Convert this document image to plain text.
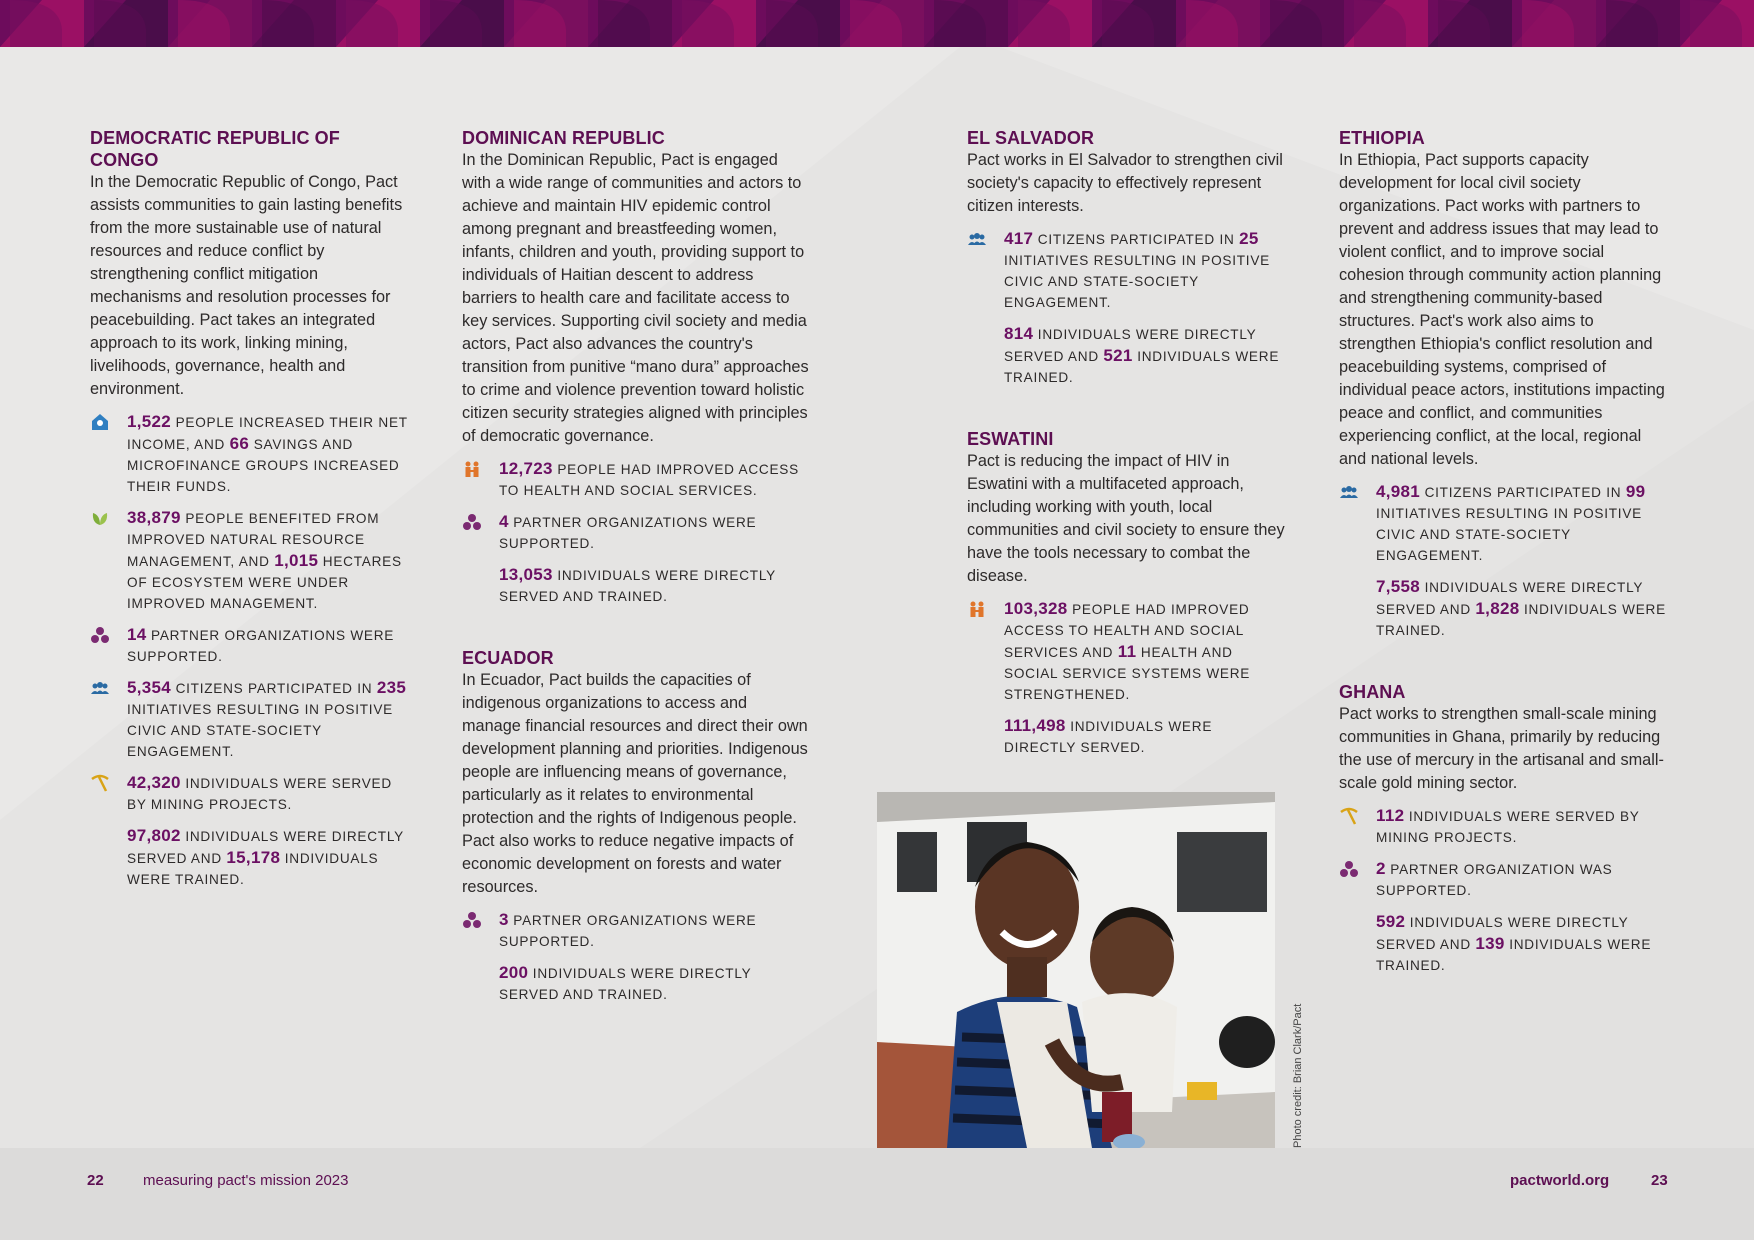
DEMOCRATIC REPUBLIC OF CONGO

In the Democratic Republic of Congo, Pact assists communities to gain lasting benefits from the more sustainable use of natural resources and reduce conflict by strengthening conflict mitigation mechanisms and resolution processes for peacebuilding. Pact takes an integrated approach to its work, linking mining, livelihoods, governance, health and environment.

1,522 PEOPLE INCREASED THEIR NET INCOME, AND 66 SAVINGS AND MICROFINANCE GROUPS INCREASED THEIR FUNDS.
38,879 PEOPLE BENEFITED FROM IMPROVED NATURAL RESOURCE MANAGEMENT, AND 1,015 HECTARES OF ECOSYSTEM WERE UNDER IMPROVED MANAGEMENT.
14 PARTNER ORGANIZATIONS WERE SUPPORTED.
5,354 CITIZENS PARTICIPATED IN 235 INITIATIVES RESULTING IN POSITIVE CIVIC AND STATE-SOCIETY ENGAGEMENT.
42,320 INDIVIDUALS WERE SERVED BY MINING PROJECTS.
97,802 INDIVIDUALS WERE DIRECTLY SERVED AND 15,178 INDIVIDUALS WERE TRAINED.
DOMINICAN REPUBLIC

In the Dominican Republic, Pact is engaged with a wide range of communities and actors to achieve and maintain HIV epidemic control among pregnant and breastfeeding women, infants, children and youth, providing support to individuals of Haitian descent to address barriers to health care and facilitate access to key services. Supporting civil society and media actors, Pact also advances the country's transition from punitive “mano dura” approaches to crime and violence prevention toward holistic citizen security strategies aligned with principles of democratic governance.

12,723 PEOPLE HAD IMPROVED ACCESS TO HEALTH AND SOCIAL SERVICES.
4 PARTNER ORGANIZATIONS WERE SUPPORTED.
13,053 INDIVIDUALS WERE DIRECTLY SERVED AND TRAINED.
ECUADOR

In Ecuador, Pact builds the capacities of indigenous organizations to access and manage financial resources and direct their own development planning and priorities. Indigenous people are influencing means of governance, particularly as it relates to environmental protection and the rights of Indigenous people. Pact also works to reduce negative impacts of economic development on forests and water resources.

3 PARTNER ORGANIZATIONS WERE SUPPORTED.
200 INDIVIDUALS WERE DIRECTLY SERVED AND TRAINED.
EL SALVADOR

Pact works in El Salvador to strengthen civil society's capacity to effectively represent citizen interests.

417 CITIZENS PARTICIPATED IN 25 INITIATIVES RESULTING IN POSITIVE CIVIC AND STATE-SOCIETY ENGAGEMENT.
814 INDIVIDUALS WERE DIRECTLY SERVED AND 521 INDIVIDUALS WERE TRAINED.
ESWATINI

Pact is reducing the impact of HIV in Eswatini with a multifaceted approach, including working with youth, local communities and civil society to ensure they have the tools necessary to combat the disease.

103,328 PEOPLE HAD IMPROVED ACCESS TO HEALTH AND SOCIAL SERVICES AND 11 HEALTH AND SOCIAL SERVICE SYSTEMS WERE STRENGTHENED.
111,498 INDIVIDUALS WERE DIRECTLY SERVED.
ETHIOPIA

In Ethiopia, Pact supports capacity development for local civil society organizations. Pact works with partners to prevent and address issues that may lead to violent conflict, and to improve social cohesion through community action planning and strengthening community-based structures. Pact's work also aims to strengthen Ethiopia's conflict resolution and peacebuilding systems, comprised of individual peace actors, institutions impacting peace and conflict, and communities experiencing conflict, at the local, regional and national levels.

4,981 CITIZENS PARTICIPATED IN 99 INITIATIVES RESULTING IN POSITIVE CIVIC AND STATE-SOCIETY ENGAGEMENT.
7,558 INDIVIDUALS WERE DIRECTLY SERVED AND 1,828 INDIVIDUALS WERE TRAINED.
GHANA

Pact works to strengthen small-scale mining communities in Ghana, primarily by reducing the use of mercury in the artisanal and small-scale gold mining sector.

112 INDIVIDUALS WERE SERVED BY MINING PROJECTS.
2 PARTNER ORGANIZATION WAS SUPPORTED.
592 INDIVIDUALS WERE DIRECTLY SERVED AND 139 INDIVIDUALS WERE TRAINED.
Photo credit: Brian Clark/Pact
22	measuring pact's mission 2023	pactworld.org	23
